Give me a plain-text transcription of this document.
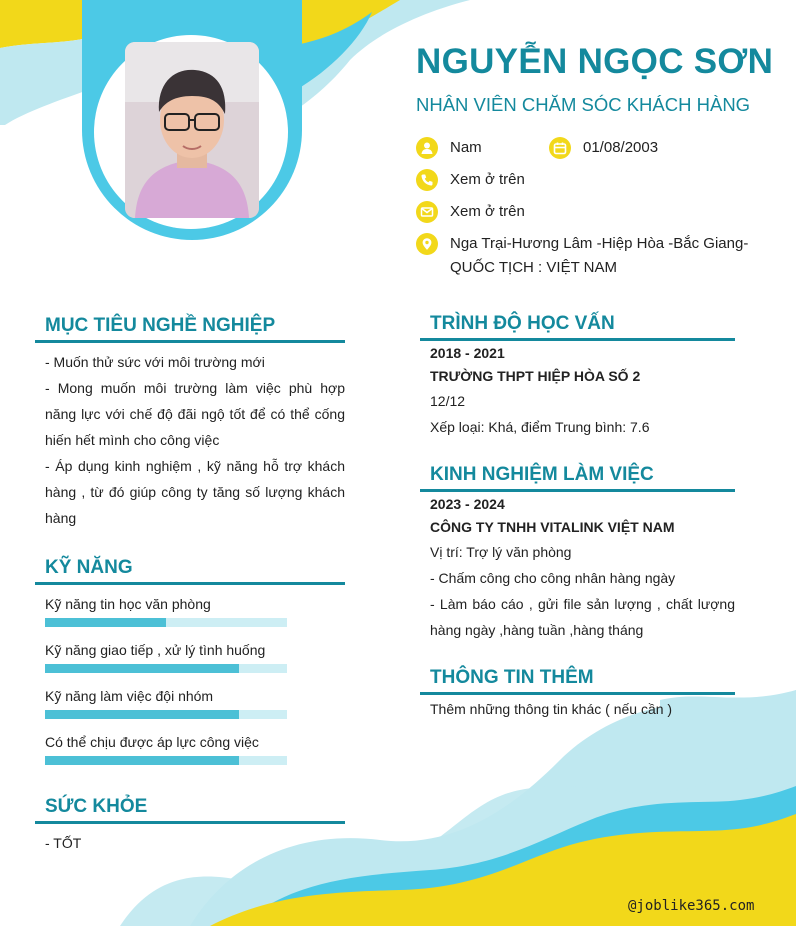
NGUYỄN NGỌC SƠN
NHÂN VIÊN CHĂM SÓC KHÁCH HÀNG
Nam	01/08/2003
Xem ở trên
Xem ở trên
Nga Trại-Hương Lâm -Hiệp Hòa -Bắc Giang-
QUỐC TỊCH : VIỆT NAM
MỤC TIÊU NGHỀ NGHIỆP

- Muốn thử sức với môi trường mới

- Mong muốn môi trường làm việc phù hợp năng lực với chế độ đãi ngộ tốt để có thể cống hiến hết mình cho công việc

- Áp dụng kinh nghiệm , kỹ năng hỗ trợ khách hàng , từ đó giúp công ty tăng số lượng khách hàng

KỸ NĂNG
Kỹ năng tin học văn phòng
Kỹ năng giao tiếp , xử lý tình huống
Kỹ năng làm việc đội nhóm
Có thể chịu được áp lực công việc
SỨC KHỎE
- TỐT
TRÌNH ĐỘ HỌC VẤN
2018 - 2021
TRƯỜNG THPT HIỆP HÒA SỐ 2
12/12
Xếp loại: Khá, điểm Trung bình: 7.6
KINH NGHIỆM LÀM VIỆC
2023 - 2024
CÔNG TY TNHH VITALINK VIỆT NAM
Vị trí: Trợ lý văn phòng

- Chấm công cho công nhân hàng ngày

- Làm báo cáo , gửi file sản lượng , chất lượng hàng ngày ,hàng tuần ,hàng tháng

THÔNG TIN THÊM
Thêm những thông tin khác ( nếu cần )
@joblike365.com
